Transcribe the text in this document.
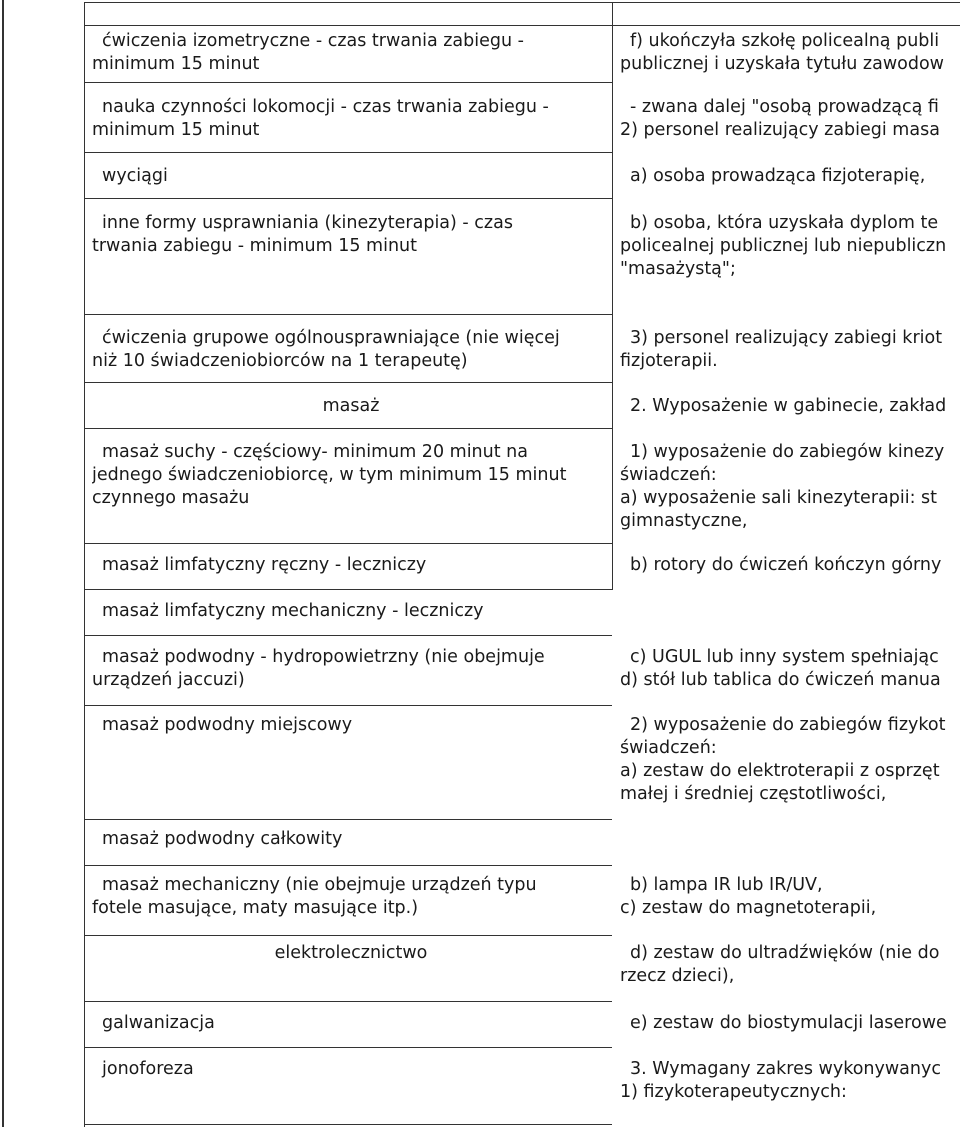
ćwiczenia izometryczne - czas trwania zabiegu -
minimum 15 minut
nauka czynności lokomocji - czas trwania zabiegu -
minimum 15 minut
wyciągi
inne formy usprawniania (kinezyterapia) - czas
trwania zabiegu - minimum 15 minut
ćwiczenia grupowe ogólnousprawniające (nie więcej
niż 10 świadczeniobiorców na 1 terapeutę)
masaż
masaż suchy - częściowy- minimum 20 minut na
jednego świadczeniobiorcę, w tym minimum 15 minut
czynnego masażu
masaż limfatyczny ręczny - leczniczy
masaż limfatyczny mechaniczny - leczniczy
masaż podwodny - hydropowietrzny (nie obejmuje
urządzeń jaccuzi)
masaż podwodny miejscowy
masaż podwodny całkowity
masaż mechaniczny (nie obejmuje urządzeń typu
fotele masujące, maty masujące itp.)
elektrolecznictwo
galwanizacja
jonoforeza
f) ukończyła szkołę policealną publi
publicznej i uzyskała tytułu zawodow
- zwana dalej "osobą prowadzącą fi
2) personel realizujący zabiegi masa
a) osoba prowadząca fizjoterapię,
b) osoba, która uzyskała dyplom te
policealnej publicznej lub niepubliczn
"masażystą";
3) personel realizujący zabiegi kriot
fizjoterapii.
2. Wyposażenie w gabinecie, zakład
1) wyposażenie do zabiegów kinezy
świadczeń:
a) wyposażenie sali kinezyterapii: st
gimnastyczne,
b) rotory do ćwiczeń kończyn górny
c) UGUL lub inny system spełniając
d) stół lub tablica do ćwiczeń manua
2) wyposażenie do zabiegów fizykot
świadczeń:
a) zestaw do elektroterapii z osprzęt
małej i średniej częstotliwości,
b) lampa IR lub IR/UV,
c) zestaw do magnetoterapii,
d) zestaw do ultradźwięków (nie do
rzecz dzieci),
e) zestaw do biostymulacji laserowe
3. Wymagany zakres wykonywanyc
1) fizykoterapeutycznych:
